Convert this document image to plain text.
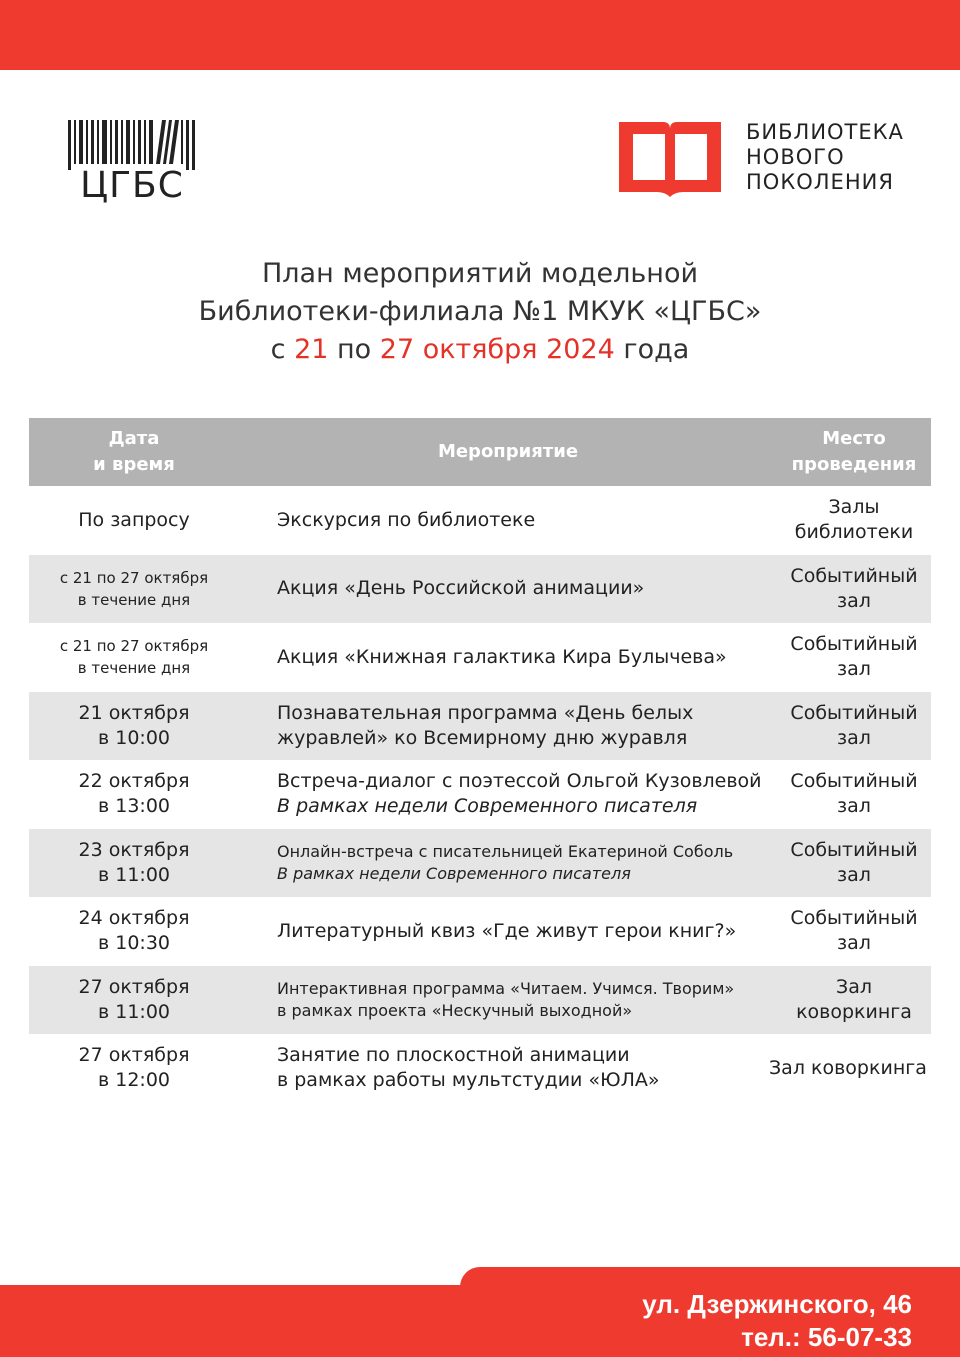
ЦГБС
БИБЛИОТЕКА
НОВОГО
ПОКОЛЕНИЯ
План мероприятий модельной
Библиотеки-филиала №1 МКУК «ЦГБС»
с 21 по 27 октября 2024 года
Дата
и время
Мероприятие
Место
проведения
По запросу	Экскурсия по библиотеке
Залы
библиотеки
с 21 по 27 октября
в течение дня
Акция «День Российской анимации»
Событийный
зал
с 21 по 27 октября
в течение дня
Акция «Книжная галактика Кира Булычева»
Событийный
зал
21 октября
в 10:00
Познавательная программа «День белых
журавлей» ко Всемирному дню журавля
Событийный
зал
22 октября
в 13:00
Встреча-диалог с поэтессой Ольгой Кузовлевой
В рамках недели Современного писателя
Событийный
зал
23 октября
в 11:00
Онлайн-встреча с писательницей Екатериной Соболь
В рамках недели Современного писателя
Событийный
зал
24 октября
в 10:30
Литературный квиз «Где живут герои книг?»
Событийный
зал
27 октября
в 11:00
Интерактивная программа «Читаем. Учимся. Творим»
в рамках проекта «Нескучный выходной»
Зал
коворкинга
27 октября
в 12:00
Занятие по плоскостной анимации
в рамках работы мультстудии «ЮЛА»
Зал коворкинга
ул. Дзержинского, 46
тел.: 56-07-33
